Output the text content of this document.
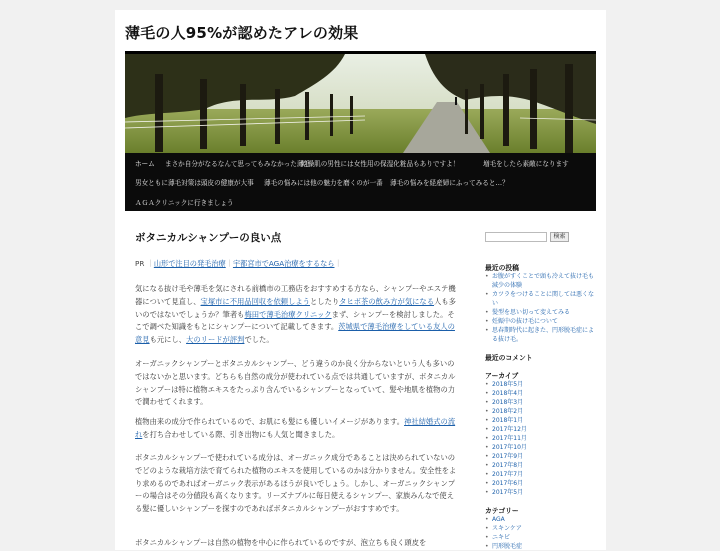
薄毛の人95%が認めたアレの効果
ホーム まさか自分がなるなんて思ってもみなかった薄毛
乾燥肌の男性には女性用の保湿化粧品もありですよ！	増毛をしたら素敵になります
男女ともに薄毛対策は頭皮の健康が大事 薄毛の悩みには他の魅力を磨くのが一番 薄毛の悩みを経産婦にふってみると…？
ＡＧＡクリニックに行きましょう
ボタニカルシャンプーの良い点
PR ｜山形で注目の発毛治療｜宇都宮市でAGA治療をするなら｜

気になる抜け毛や薄毛を気にされる前橋市の工務店をおすすめする方なら、シャンプーやエステ機器について見直し、宝塚市に不用品回収を依頼しようとしたりタヒボ茶の飲み方が気になる人も多いのではないでしょうか？筆者も梅田で薄毛治療クリニックまず、シャンプーを検討しました。そこで調べた知識をもとにシャンプーについて記載してきます。茨城県で薄毛治療をしている友人の意見も元にし、大のリードが評判でした。

オーガニックシャンプーとボタニカルシャンプー、どう違うのか良く分からないという人も多いのではないかと思います。どちらも自然の成分が使われている点では共通していますが、ボタニカルシャンプーは特に植物エキスをたっぷり含んでいるシャンプーとなっていて、髪や地肌を植物の力で潤わせてくれます。

植物由来の成分で作られているので、お肌にも髪にも優しいイメージがあります。神社結婚式の流れを打ち合わせしている際、引き出物にも人気と聞きました。

ボタニカルシャンプーで使われている成分は、オーガニック成分であることは決められていないのでどのような栽培方法で育てられた植物のエキスを使用しているのかは分かりません。安全性をより求めるのであればオーガニック表示があるほうが良いでしょう。しかし、オーガニックシャンプーの場合はその分値段も高くなります。リーズナブルに毎日使えるシャンプー、家族みんなで使える髪に優しいシャンプーを探すのであればボタニカルシャンプーがおすすめです。

ボタニカルシャンプーは自然の植物を中心に作られているのですが、泡立ちも良く頭皮を

検索
最近の投稿
• お腹がすくことで頭も冷えて抜け毛も減少の体験
• カツラをつけることに関しては悪くない
• 髪型を思い切って変えてみる
• 妊娠中の抜け毛について
• 思春期時代に起きた、円形脱毛症による抜け毛。
最近のコメント
アーカイブ
• 2018年5月
• 2018年4月
• 2018年3月
• 2018年2月
• 2018年1月
• 2017年12月
• 2017年11月
• 2017年10月
• 2017年9月
• 2017年8月
• 2017年7月
• 2017年6月
• 2017年5月
カテゴリー
• AGA
• スキンケア
• ニキビ
• 円形脱毛症
